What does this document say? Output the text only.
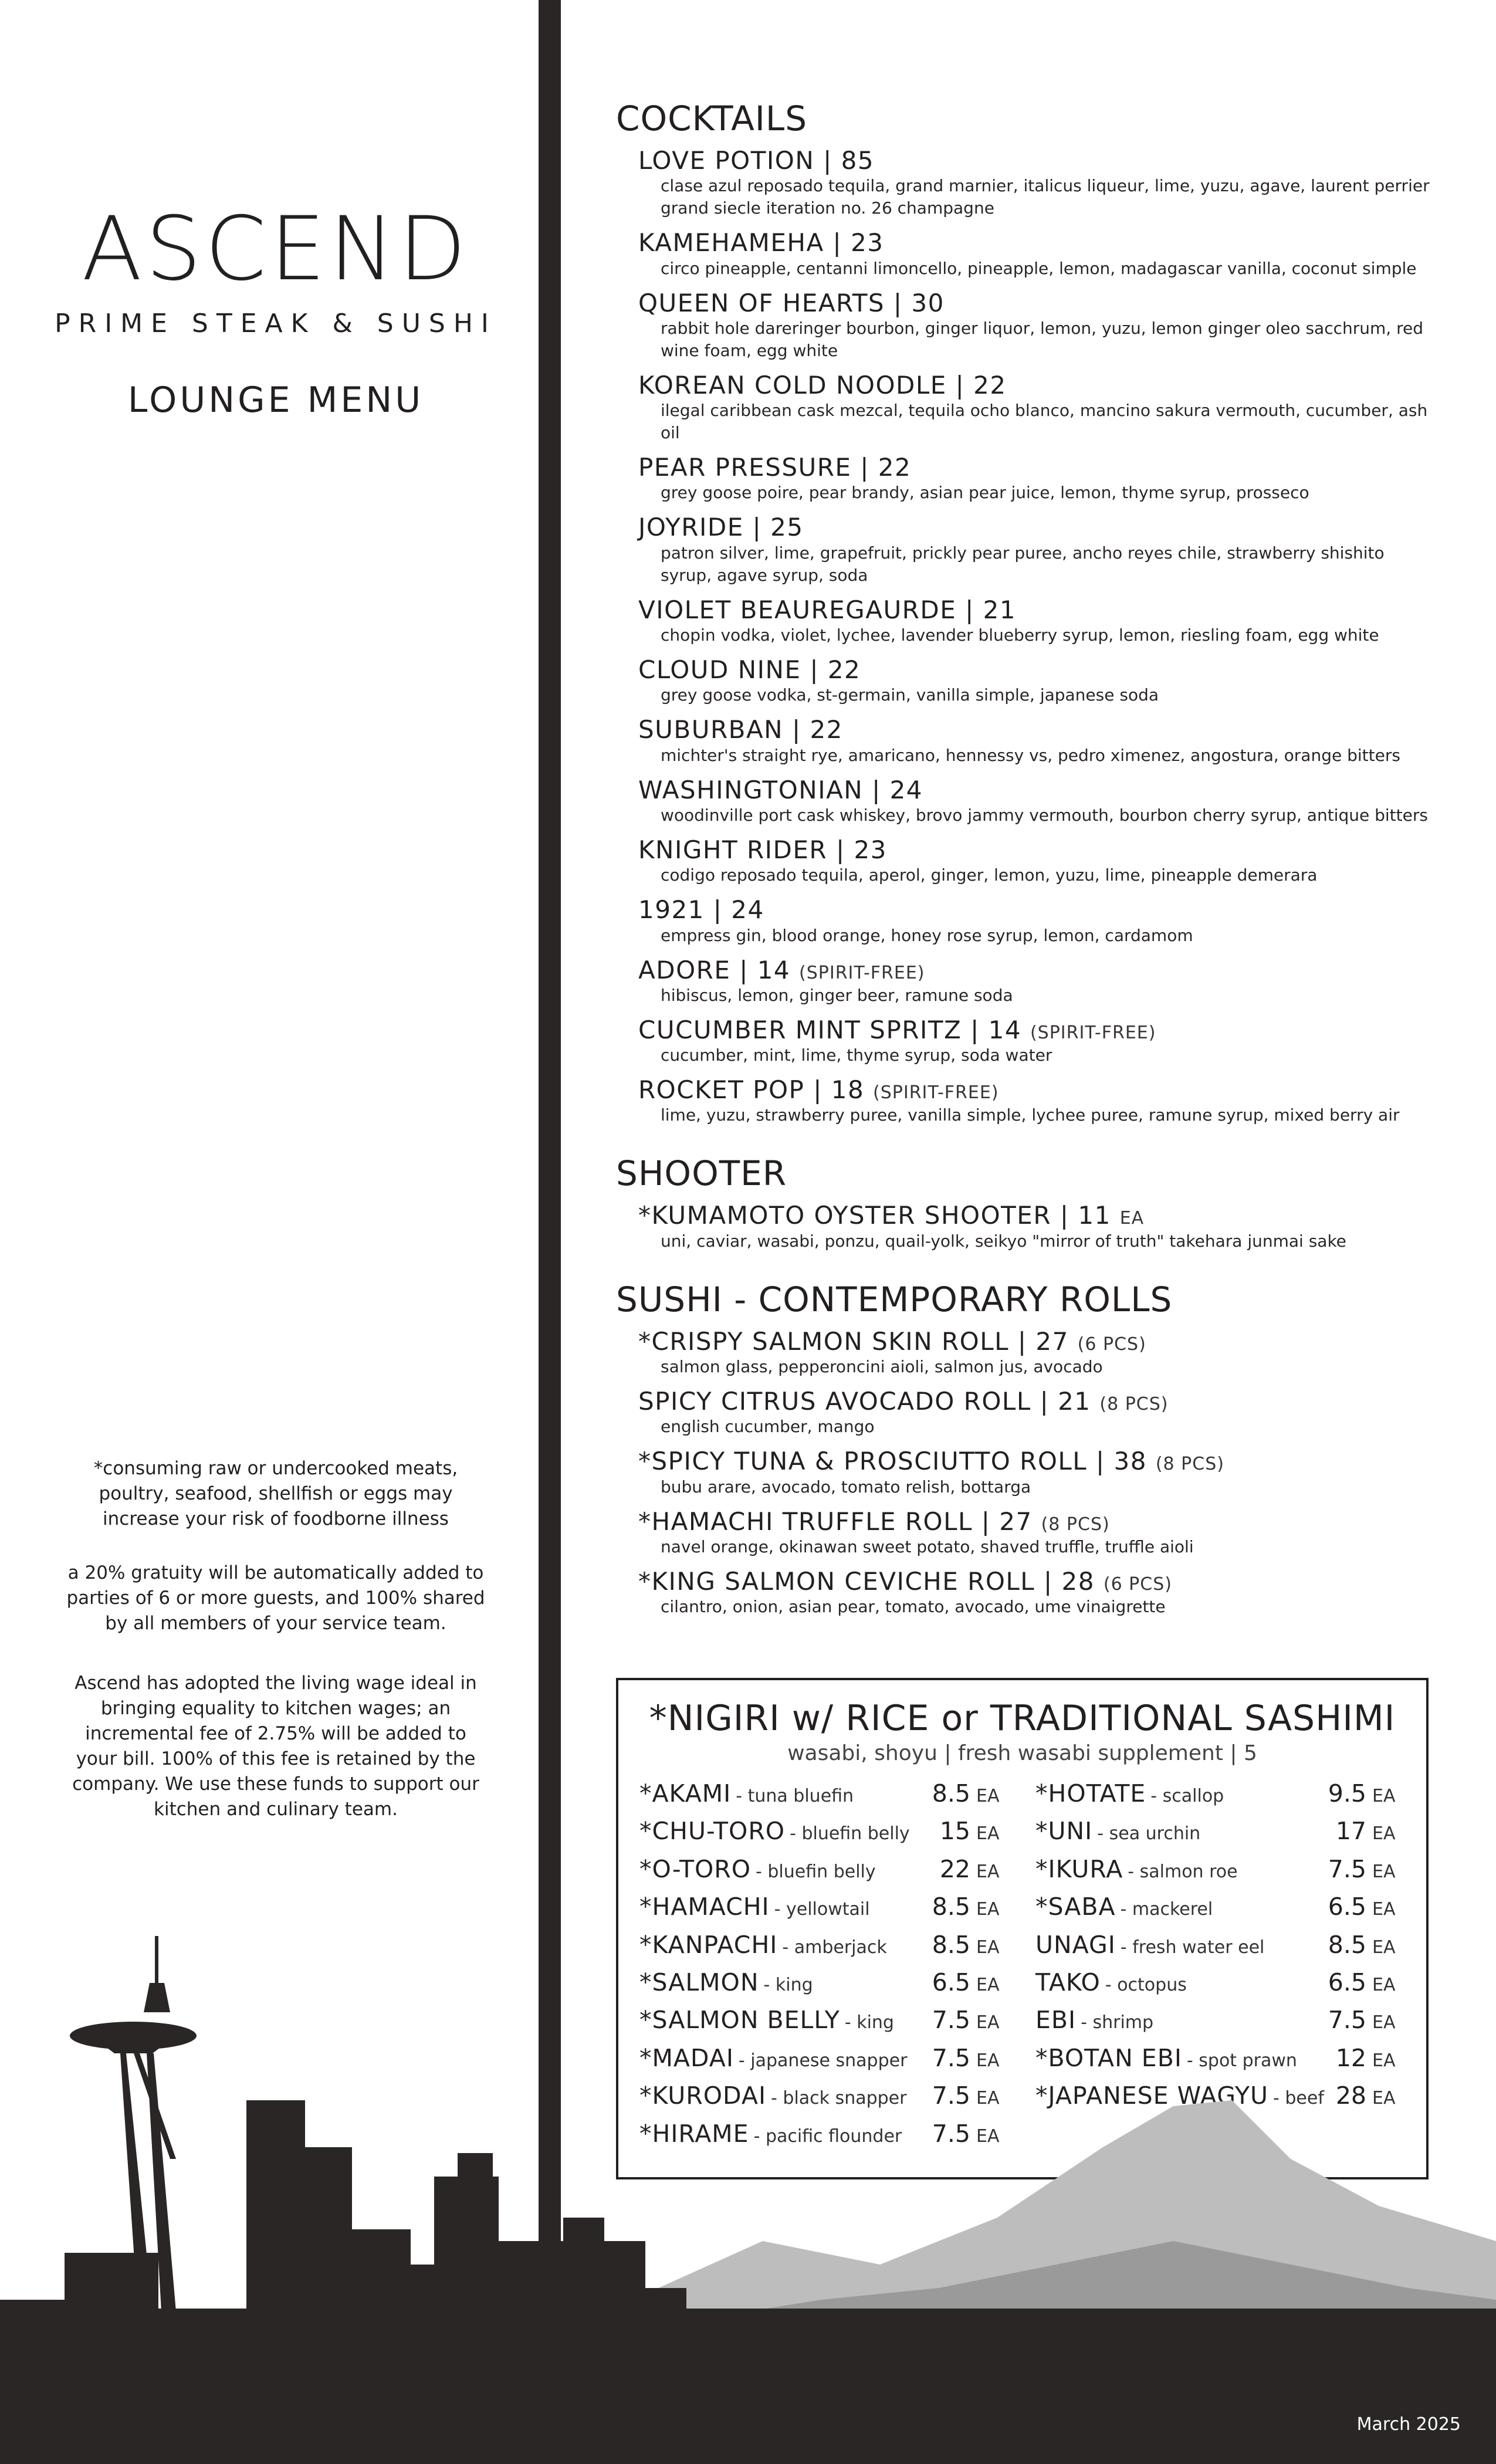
ASCEND
PRIME STEAK & SUSHI
LOUNGE MENU

*consuming raw or undercooked meats, poultry, seafood, shellfish or eggs may increase your risk of foodborne illness

a 20% gratuity will be automatically added to parties of 6 or more guests, and 100% shared by all members of your service team.

Ascend has adopted the living wage ideal in bringing equality to kitchen wages; an incremental fee of 2.75% will be added to your bill. 100% of this fee is retained by the company. We use these funds to support our kitchen and culinary team.

COCKTAILS
LOVE POTION | 85
clase azul reposado tequila, grand marnier, italicus liqueur, lime, yuzu, agave, laurent perrier grand siecle iteration no. 26 champagne
KAMEHAMEHA | 23
circo pineapple, centanni limoncello, pineapple, lemon, madagascar vanilla, coconut simple
QUEEN OF HEARTS | 30
rabbit hole dareringer bourbon, ginger liquor, lemon, yuzu, lemon ginger oleo sacchrum, red wine foam, egg white
KOREAN COLD NOODLE | 22
ilegal caribbean cask mezcal, tequila ocho blanco, mancino sakura vermouth, cucumber, ash oil
PEAR PRESSURE | 22
grey goose poire, pear brandy, asian pear juice, lemon, thyme syrup, prosseco
JOYRIDE | 25
patron silver, lime, grapefruit, prickly pear puree, ancho reyes chile, strawberry shishito syrup, agave syrup, soda
VIOLET BEAUREGAURDE | 21
chopin vodka, violet, lychee, lavender blueberry syrup, lemon, riesling foam, egg white
CLOUD NINE | 22
grey goose vodka, st-germain, vanilla simple, japanese soda
SUBURBAN | 22
michter's straight rye, amaricano, hennessy vs, pedro ximenez, angostura, orange bitters
WASHINGTONIAN | 24
woodinville port cask whiskey, brovo jammy vermouth, bourbon cherry syrup, antique bitters
KNIGHT RIDER | 23
codigo reposado tequila, aperol, ginger, lemon, yuzu, lime, pineapple demerara
1921 | 24
empress gin, blood orange, honey rose syrup, lemon, cardamom
ADORE | 14 (SPIRIT-FREE)
hibiscus, lemon, ginger beer, ramune soda
CUCUMBER MINT SPRITZ | 14 (SPIRIT-FREE)
cucumber, mint, lime, thyme syrup, soda water
ROCKET POP | 18 (SPIRIT-FREE)
lime, yuzu, strawberry puree, vanilla simple, lychee puree, ramune syrup, mixed berry air
SHOOTER
*KUMAMOTO OYSTER SHOOTER | 11 EA
uni, caviar, wasabi, ponzu, quail-yolk, seikyo "mirror of truth" takehara junmai sake
SUSHI - CONTEMPORARY ROLLS
*CRISPY SALMON SKIN ROLL | 27 (6 PCS)
salmon glass, pepperoncini aioli, salmon jus, avocado
SPICY CITRUS AVOCADO ROLL | 21 (8 PCS)
english cucumber, mango
*SPICY TUNA & PROSCIUTTO ROLL | 38 (8 PCS)
bubu arare, avocado, tomato relish, bottarga
*HAMACHI TRUFFLE ROLL | 27 (8 PCS)
navel orange, okinawan sweet potato, shaved truffle, truffle aioli
*KING SALMON CEVICHE ROLL | 28 (6 PCS)
cilantro, onion, asian pear, tomato, avocado, ume vinaigrette
*NIGIRI w/ RICE or TRADITIONAL SASHIMI
wasabi, shoyu | fresh wasabi supplement | 5
*AKAMI - tuna bluefin	8.5 EA
*CHU-TORO - bluefin belly 15 EA
*O-TORO - bluefin belly	22 EA
*HAMACHI - yellowtail	8.5 EA
*KANPACHI - amberjack 8.5 EA
*SALMON - king	6.5 EA
*SALMON BELLY - king 7.5 EA
*MADAI - japanese snapper 7.5 EA
*KURODAI - black snapper 7.5 EA
*HIRAME - pacific flounder 7.5 EA
*HOTATE - scallop	9.5 EA
*UNI - sea urchin	17 EA
*IKURA - salmon roe	7.5 EA
*SABA - mackerel	6.5 EA
UNAGI - fresh water eel	8.5 EA
TAKO - octopus	6.5 EA
EBI - shrimp	7.5 EA
*BOTAN EBI - spot prawn 12 EA
*JAPANESE WAGYU - beef 28 EA
March 2025
